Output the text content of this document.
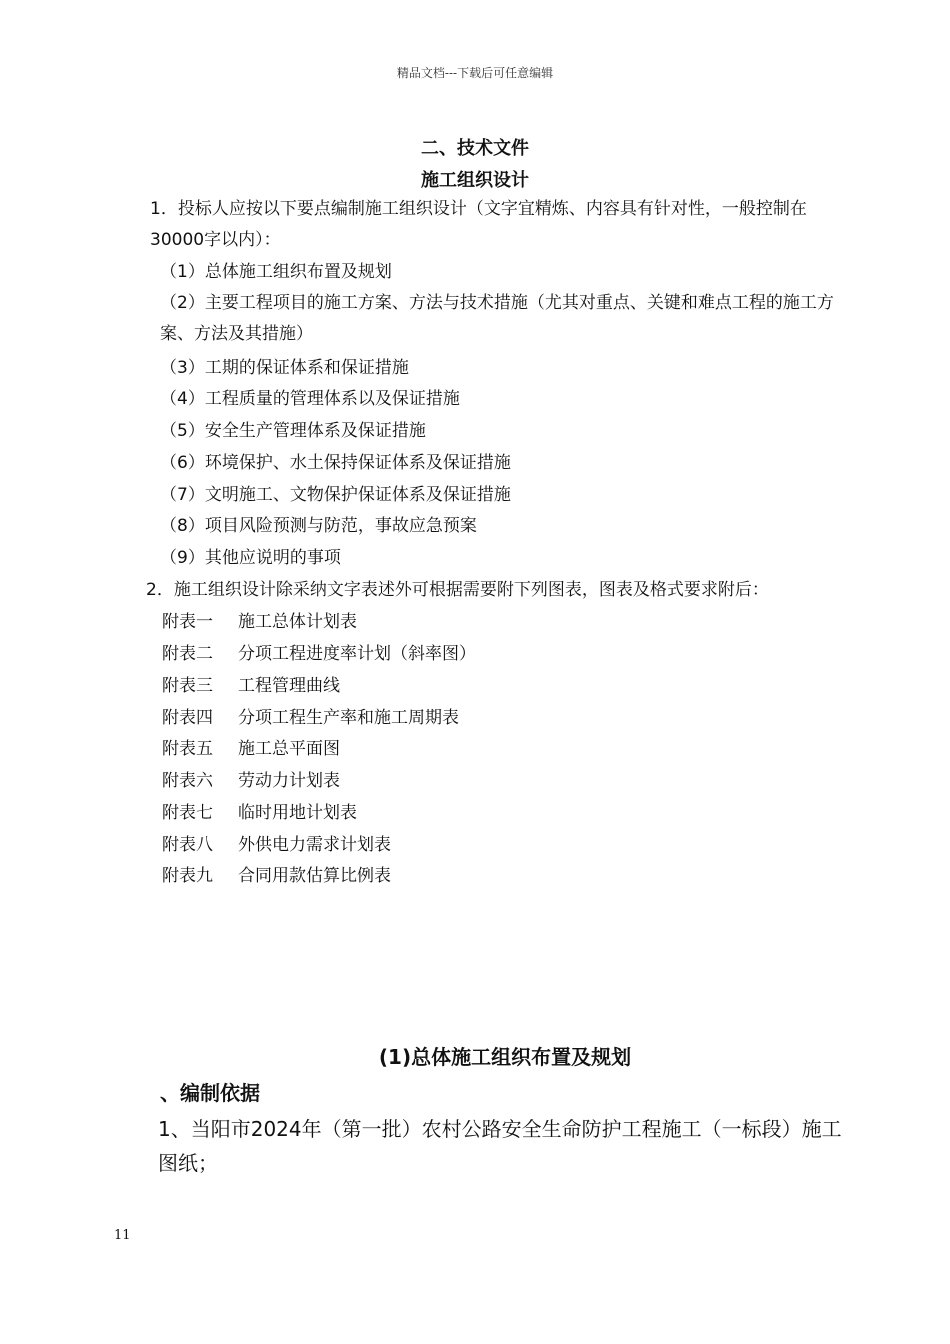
精品文档---下载后可任意编辑
二、技术文件
施工组织设计
1．投标人应按以下要点编制施工组织设计（文字宜精炼、内容具有针对性，一般控制在30000字以内）：
（1）总体施工组织布置及规划
（2）主要工程项目的施工方案、方法与技术措施（尤其对重点、关键和难点工程的施工方案、方法及其措施）
（3）工期的保证体系和保证措施
（4）工程质量的管理体系以及保证措施
（5）安全生产管理体系及保证措施
（6）环境保护、水土保持保证体系及保证措施
（7）文明施工、文物保护保证体系及保证措施
（8）项目风险预测与防范，事故应急预案
（9）其他应说明的事项
2．施工组织设计除采纳文字表述外可根据需要附下列图表，图表及格式要求附后：
附表一 施工总体计划表
附表二 分项工程进度率计划（斜率图）
附表三 工程管理曲线
附表四 分项工程生产率和施工周期表
附表五 施工总平面图
附表六 劳动力计划表
附表七 临时用地计划表
附表八 外供电力需求计划表
附表九 合同用款估算比例表
(1)总体施工组织布置及规划
、编制依据
1、当阳市2024年（第一批）农村公路安全生命防护工程施工（一标段）施工图纸；
11
